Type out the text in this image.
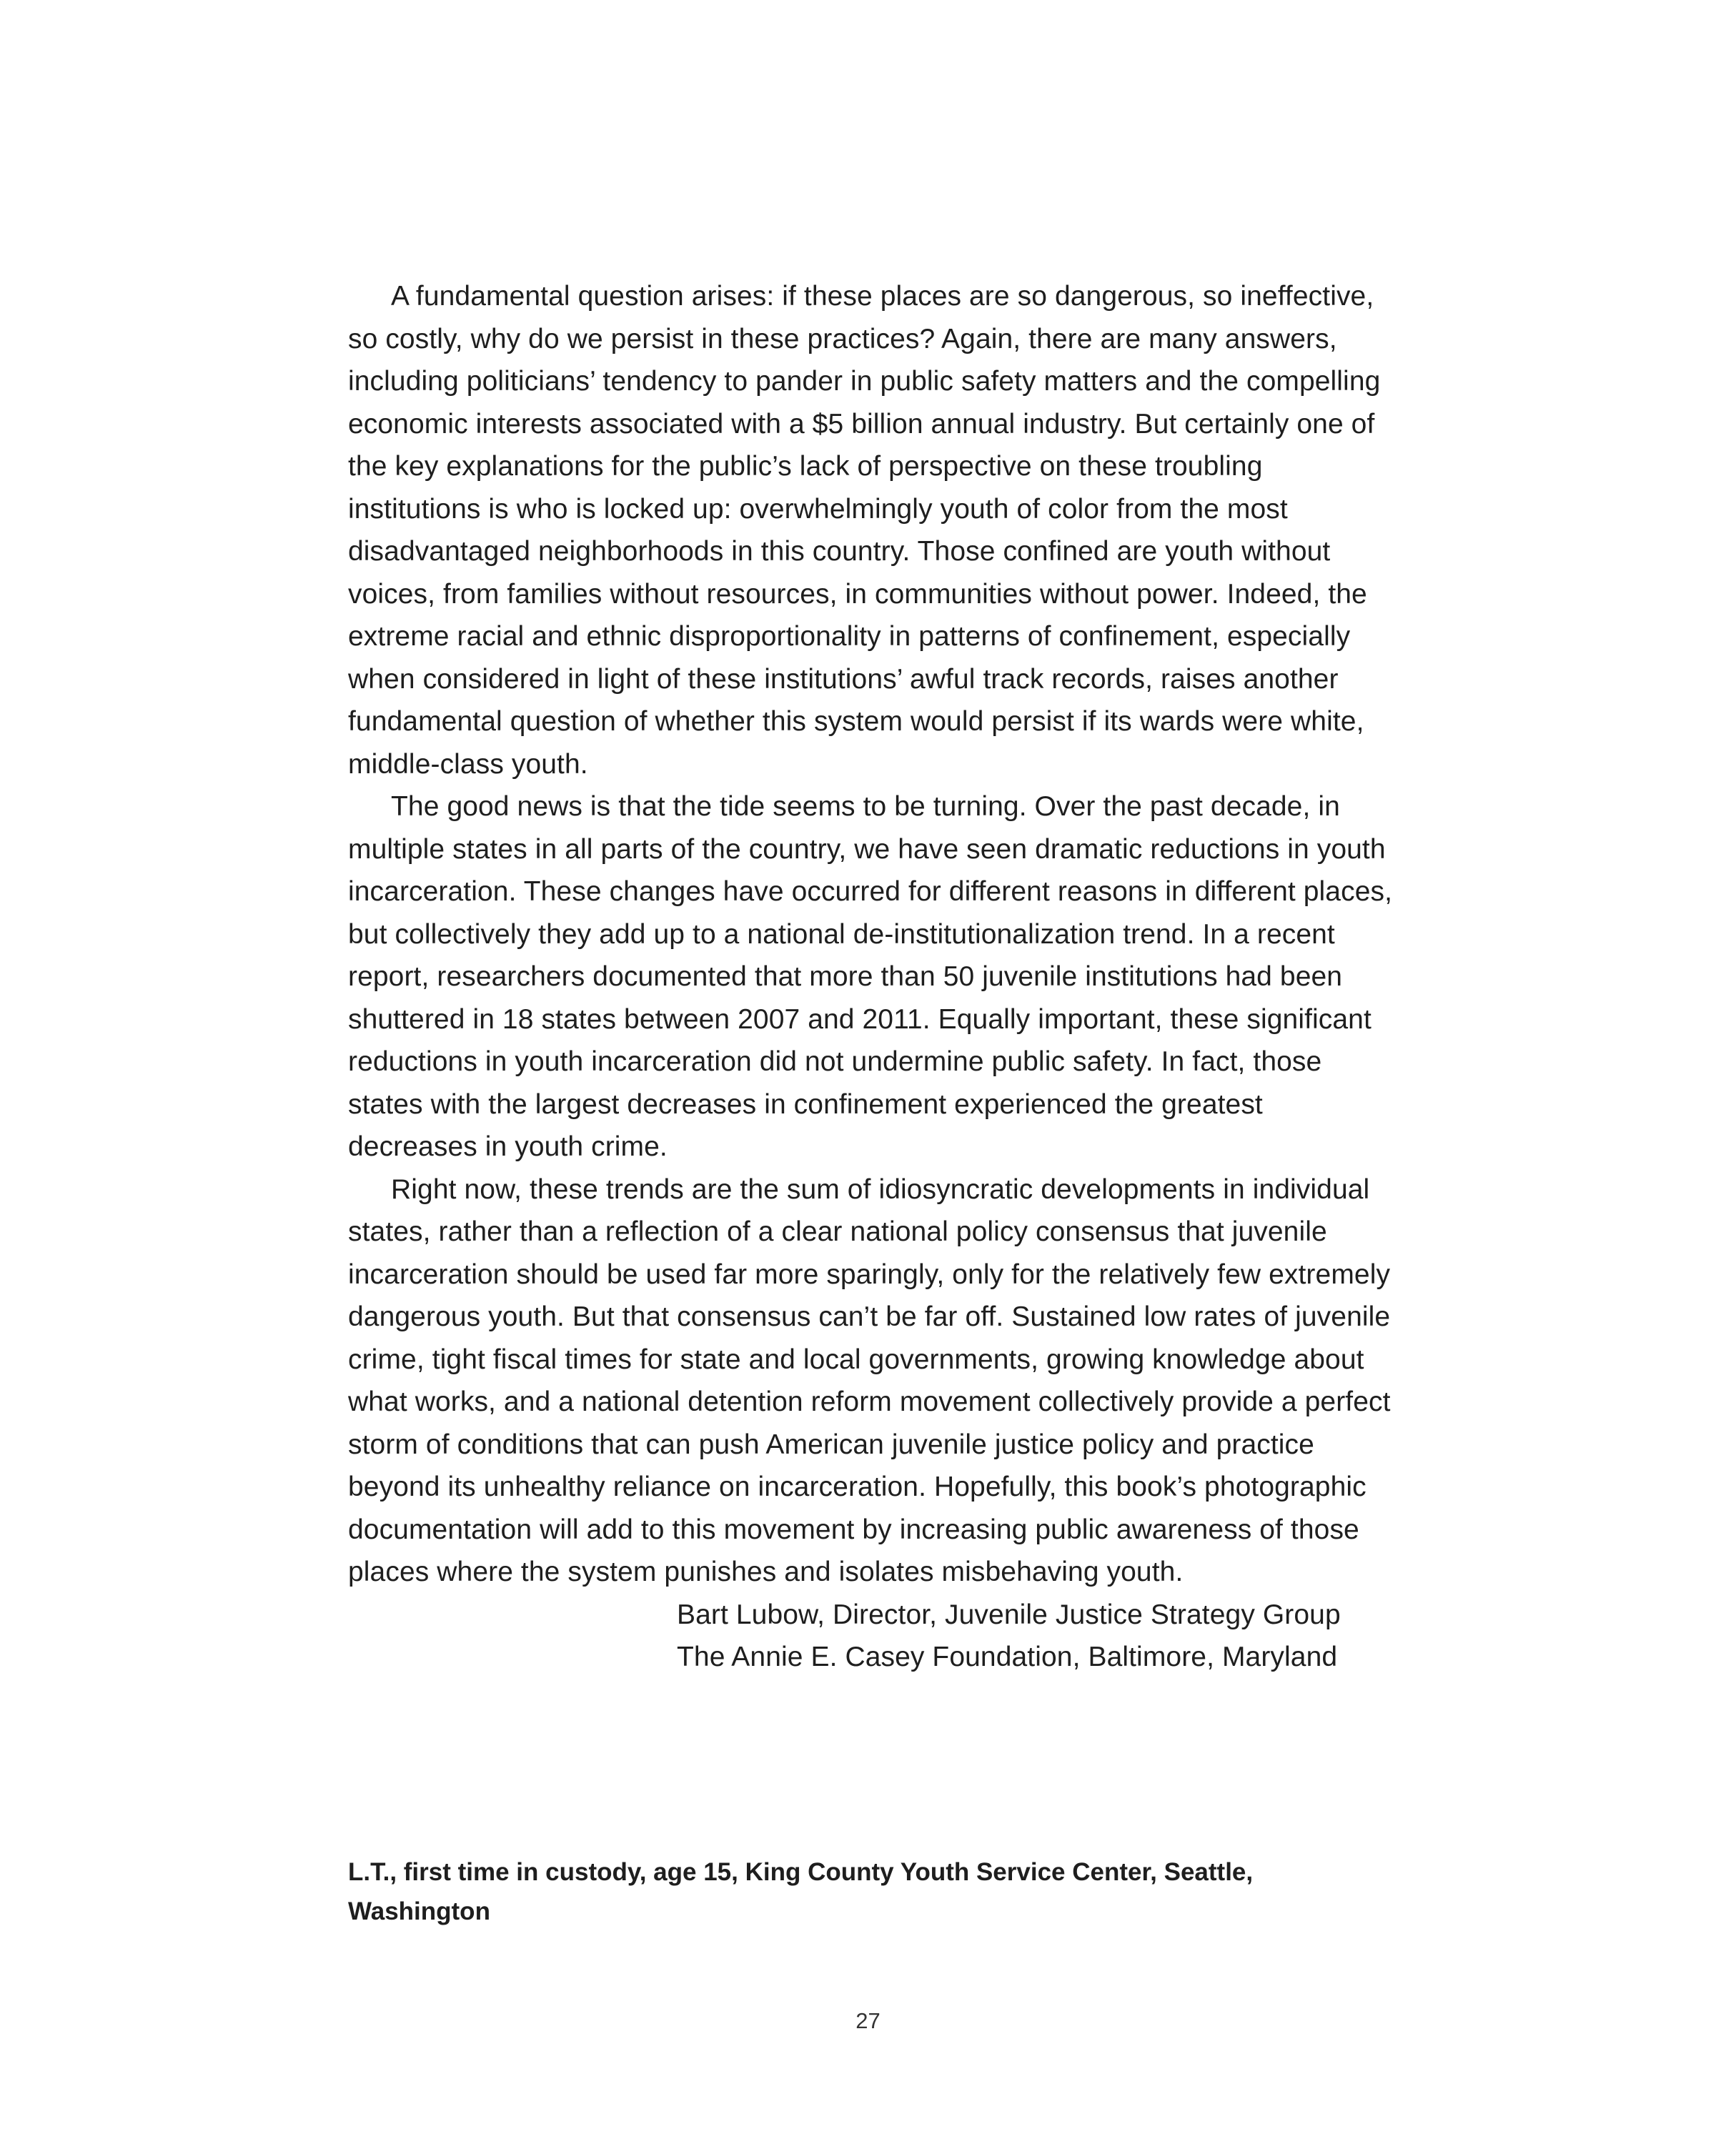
A fundamental question arises: if these places are so dangerous, so ineffective, so costly, why do we persist in these practices? Again, there are many answers, including politicians’ tendency to pander in public safety matters and the compelling economic interests associated with a $5 billion annual industry. But certainly one of the key explanations for the public’s lack of perspective on these troubling institutions is who is locked up: overwhelmingly youth of color from the most disadvantaged neighborhoods in this country. Those confined are youth without voices, from families without resources, in communities without power. Indeed, the extreme racial and ethnic disproportionality in patterns of confinement, especially when considered in light of these institutions’ awful track records, raises another fundamental question of whether this system would persist if its wards were white, middle-class youth.

The good news is that the tide seems to be turning. Over the past decade, in multiple states in all parts of the country, we have seen dramatic reductions in youth incarceration. These changes have occurred for different reasons in different places, but collectively they add up to a national de-institutionalization trend. In a recent report, researchers documented that more than 50 juvenile institutions had been shuttered in 18 states between 2007 and 2011. Equally important, these significant reductions in youth incarceration did not undermine public safety. In fact, those states with the largest decreases in confinement experienced the greatest decreases in youth crime.

Right now, these trends are the sum of idiosyncratic developments in individual states, rather than a reflection of a clear national policy consensus that juvenile incarceration should be used far more sparingly, only for the relatively few extremely dangerous youth. But that consensus can’t be far off. Sustained low rates of juvenile crime, tight fiscal times for state and local governments, growing knowledge about what works, and a national detention reform movement collectively provide a perfect storm of conditions that can push American juvenile justice policy and practice beyond its unhealthy reliance on incarceration. Hopefully, this book’s photographic documentation will add to this movement by increasing public awareness of those places where the system punishes and isolates misbehaving youth.

Bart Lubow, Director, Juvenile Justice Strategy Group
The Annie E. Casey Foundation, Baltimore, Maryland
L.T., first time in custody, age 15, King County Youth Service Center, Seattle, Washington
27
